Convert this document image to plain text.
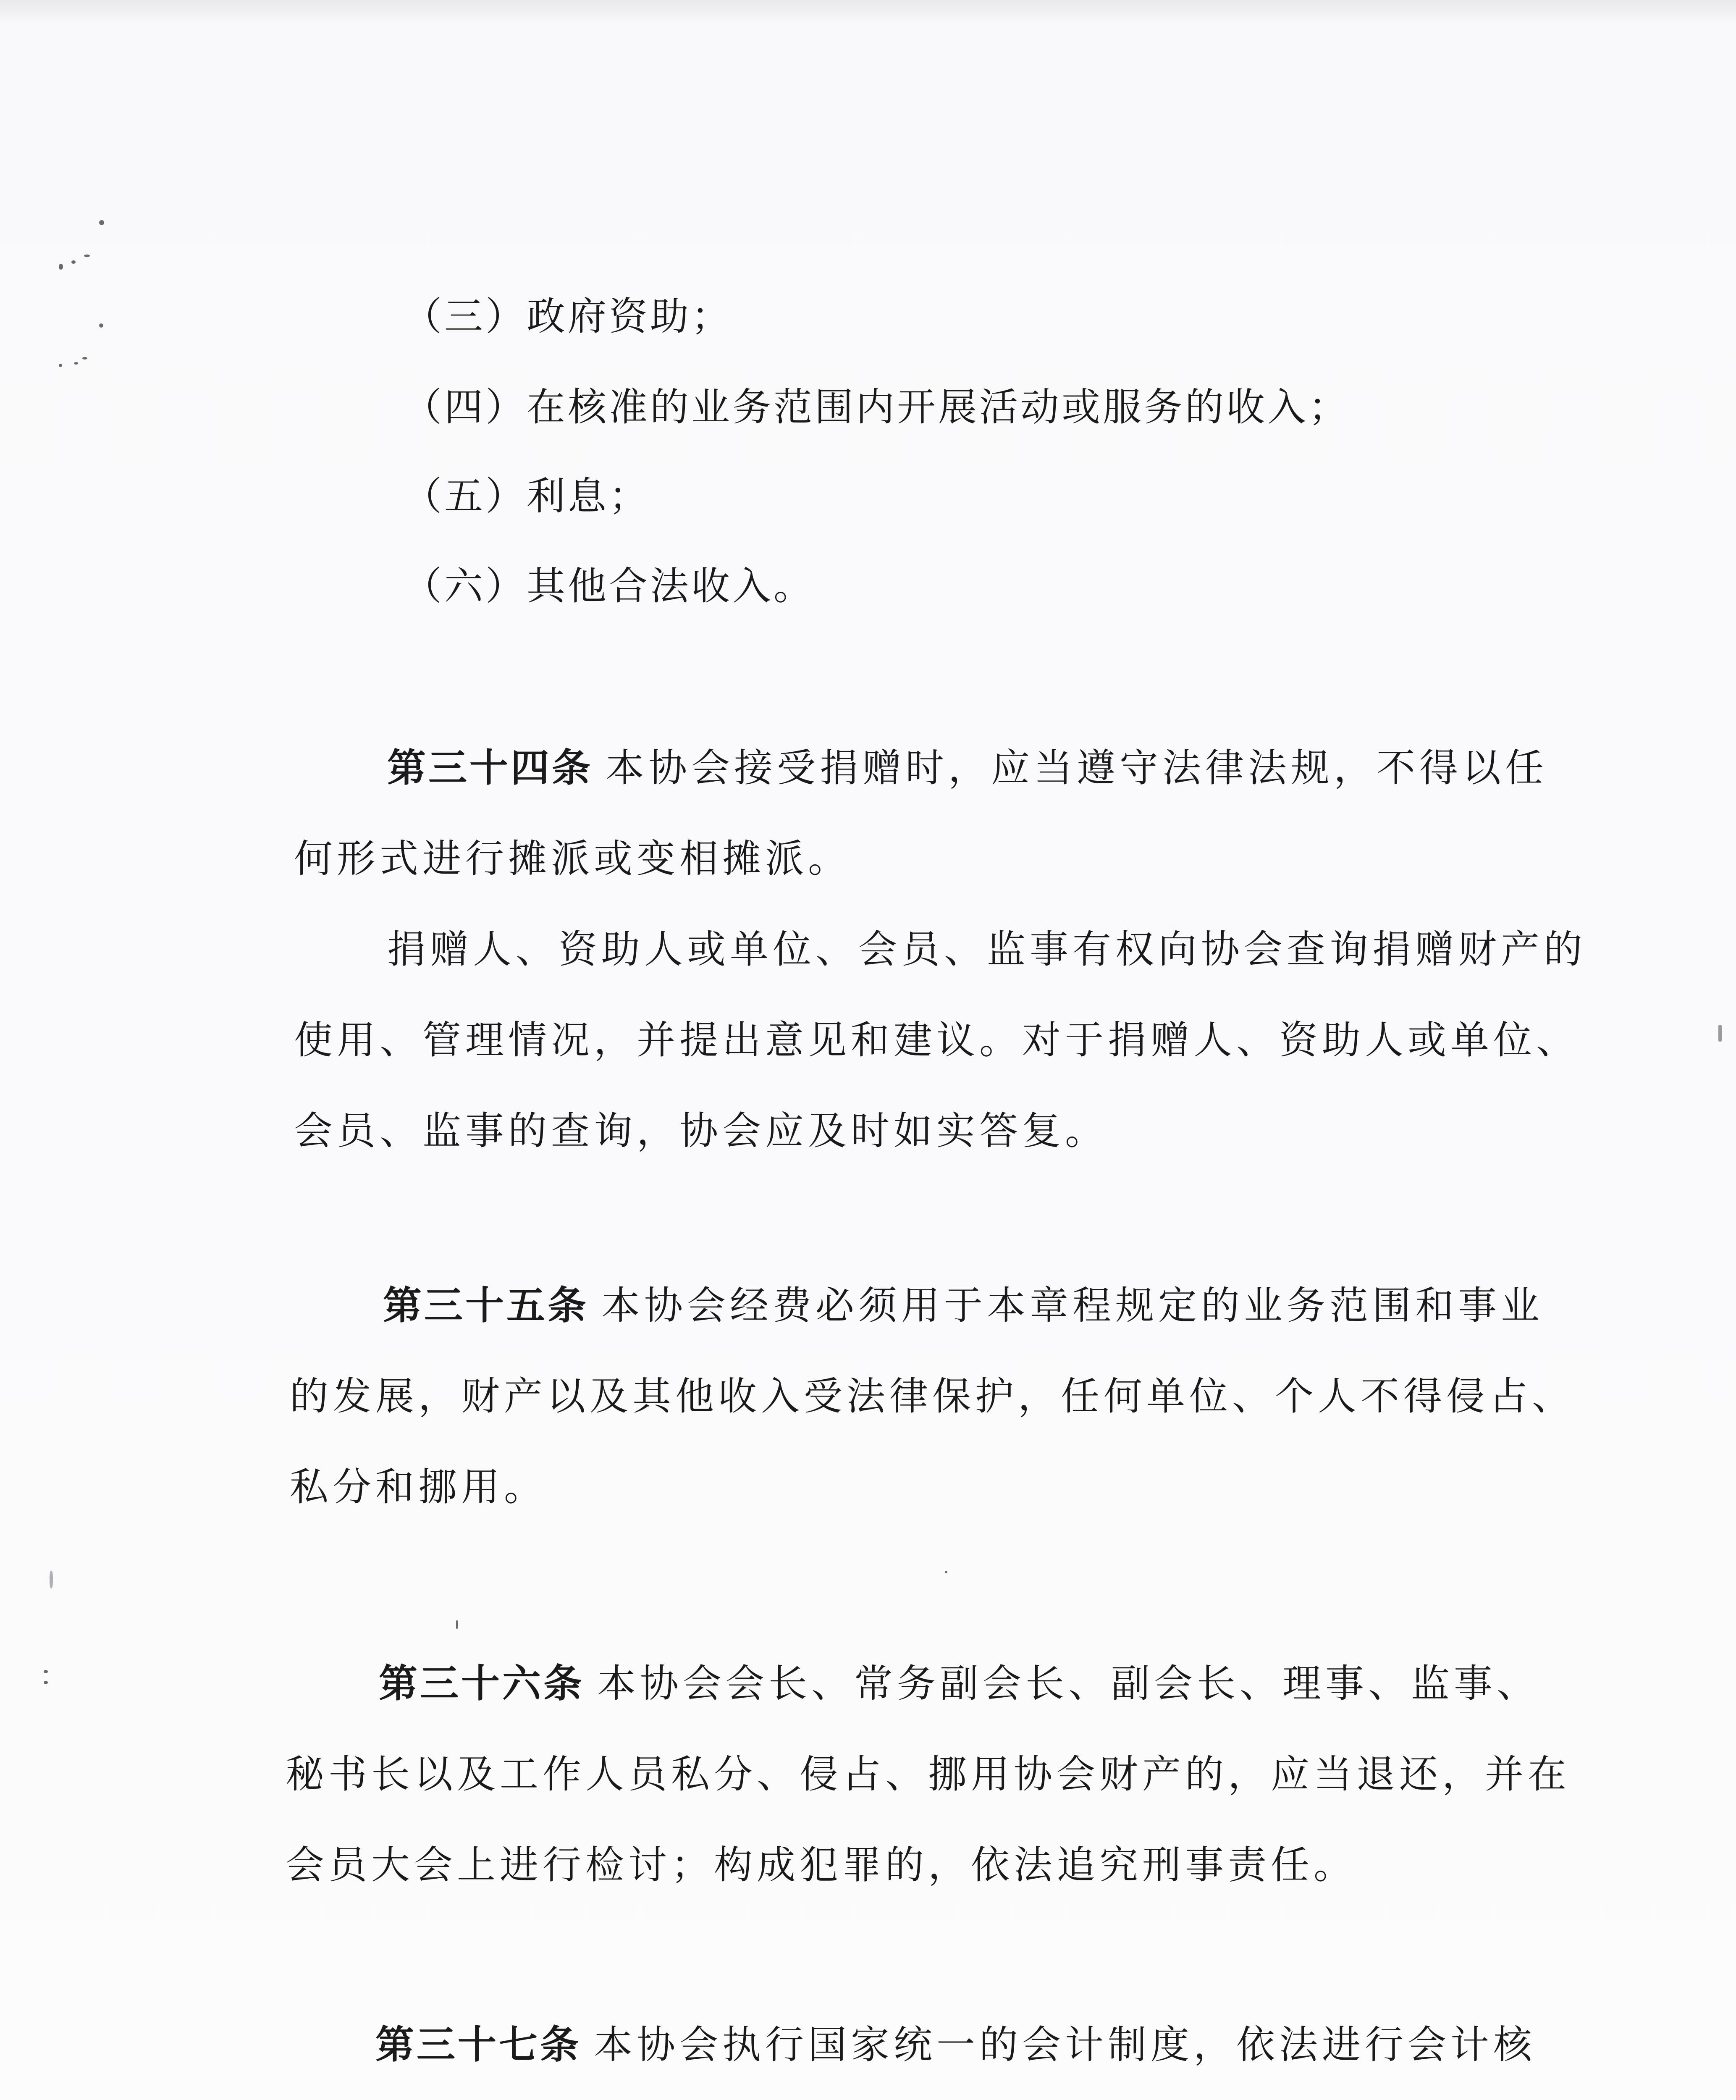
（三）政府资助；
（四）在核准的业务范围内开展活动或服务的收入；
（五）利息；
（六）其他合法收入。
第三十四条 本协会接受捐赠时，应当遵守法律法规，不得以任
何形式进行摊派或变相摊派。
捐赠人、资助人或单位、会员、监事有权向协会查询捐赠财产的
使用、管理情况，并提出意见和建议。对于捐赠人、资助人或单位、
会员、监事的查询，协会应及时如实答复。
第三十五条 本协会经费必须用于本章程规定的业务范围和事业
的发展，财产以及其他收入受法律保护，任何单位、个人不得侵占、
私分和挪用。
第三十六条 本协会会长、常务副会长、副会长、理事、监事、
秘书长以及工作人员私分、侵占、挪用协会财产的，应当退还，并在
会员大会上进行检讨；构成犯罪的，依法追究刑事责任。
第三十七条 本协会执行国家统一的会计制度，依法进行会计核
